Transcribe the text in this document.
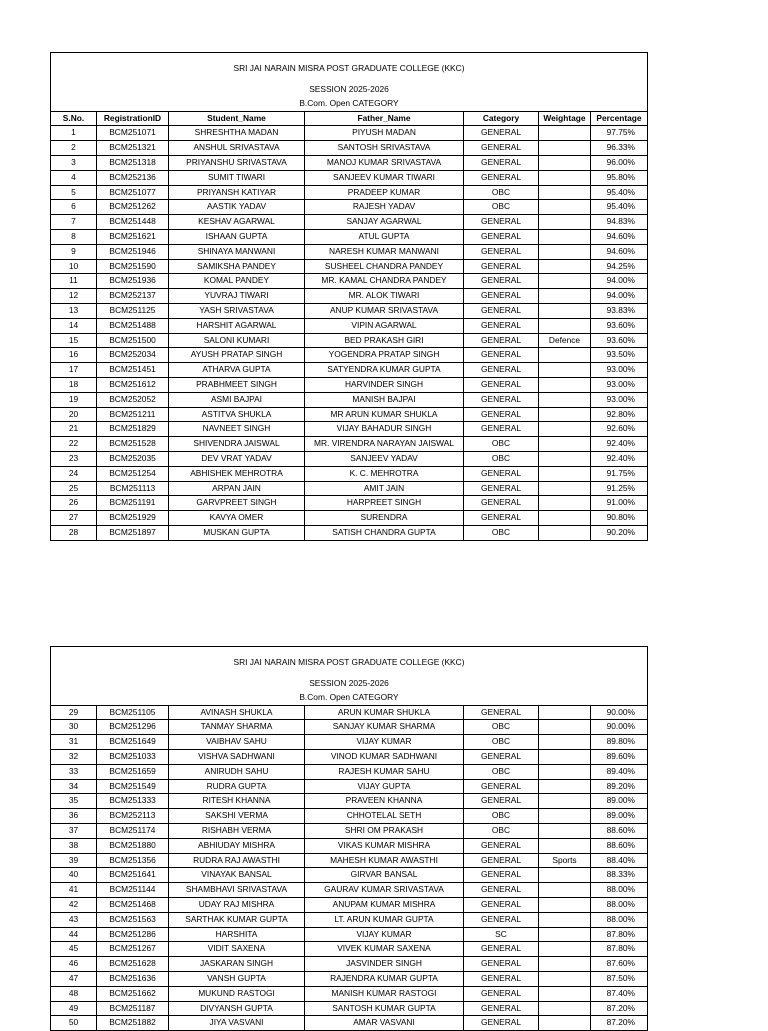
SRI JAI NARAIN MISRA POST GRADUATE COLLEGE (KKC)						
SESSION 2025-2026						
B.Com. Open CATEGORY						
S.No.	RegistrationID	Student_Name	Father_Name	Category	Weightage	Percentage
1	BCM251071	SHRESHTHA MADAN	PIYUSH MADAN	GENERAL		97.75%
2	BCM251321	ANSHUL SRIVASTAVA	SANTOSH SRIVASTAVA	GENERAL		96.33%
3	BCM251318	PRIYANSHU SRIVASTAVA	MANOJ KUMAR SRIVASTAVA	GENERAL		96.00%
4	BCM252136	SUMIT TIWARI	SANJEEV KUMAR TIWARI	GENERAL		95.80%
5	BCM251077	PRIYANSH KATIYAR	PRADEEP KUMAR	OBC		95.40%
6	BCM251262	AASTIK YADAV	RAJESH YADAV	OBC		95.40%
7	BCM251448	KESHAV AGARWAL	SANJAY AGARWAL	GENERAL		94.83%
8	BCM251621	ISHAAN GUPTA	ATUL GUPTA	GENERAL		94.60%
9	BCM251946	SHINAYA MANWANI	NARESH KUMAR MANWANI	GENERAL		94.60%
10	BCM251590	SAMIKSHA PANDEY	SUSHEEL CHANDRA PANDEY	GENERAL		94.25%
11	BCM251936	KOMAL PANDEY	MR. KAMAL CHANDRA PANDEY	GENERAL		94.00%
12	BCM252137	YUVRAJ TIWARI	MR. ALOK TIWARI	GENERAL		94.00%
13	BCM251125	YASH SRIVASTAVA	ANUP KUMAR SRIVASTAVA	GENERAL		93.83%
14	BCM251488	HARSHIT AGARWAL	VIPIN AGARWAL	GENERAL		93.60%
15	BCM251500	SALONI KUMARI	BED PRAKASH GIRI	GENERAL	Defence	93.60%
16	BCM252034	AYUSH PRATAP SINGH	YOGENDRA PRATAP SINGH	GENERAL		93.50%
17	BCM251451	ATHARVA GUPTA	SATYENDRA KUMAR GUPTA	GENERAL		93.00%
18	BCM251612	PRABHMEET SINGH	HARVINDER SINGH	GENERAL		93.00%
19	BCM252052	ASMI BAJPAI	MANISH BAJPAI	GENERAL		93.00%
20	BCM251211	ASTITVA SHUKLA	MR ARUN KUMAR SHUKLA	GENERAL		92.80%
21	BCM251829	NAVNEET SINGH	VIJAY BAHADUR SINGH	GENERAL		92.60%
22	BCM251528	SHIVENDRA JAISWAL	MR. VIRENDRA NARAYAN JAISWAL	OBC		92.40%
23	BCM252035	DEV VRAT YADAV	SANJEEV YADAV	OBC		92.40%
24	BCM251254	ABHISHEK MEHROTRA	K. C. MEHROTRA	GENERAL		91.75%
25	BCM251113	ARPAN JAIN	AMIT JAIN	GENERAL		91.25%
26	BCM251191	GARVPREET SINGH	HARPREET SINGH	GENERAL		91.00%
27	BCM251929	KAVYA OMER	SURENDRA	GENERAL		90.80%
28	BCM251897	MUSKAN GUPTA	SATISH CHANDRA GUPTA	OBC		90.20%
SRI JAI NARAIN MISRA POST GRADUATE COLLEGE (KKC)						
SESSION 2025-2026						
B.Com. Open CATEGORY						
29	BCM251105	AVINASH SHUKLA	ARUN KUMAR SHUKLA	GENERAL		90.00%
30	BCM251296	TANMAY SHARMA	SANJAY KUMAR SHARMA	OBC		90.00%
31	BCM251649	VAIBHAV SAHU	VIJAY KUMAR	OBC		89.80%
32	BCM251033	VISHVA SADHWANI	VINOD KUMAR SADHWANI	GENERAL		89.60%
33	BCM251659	ANIRUDH SAHU	RAJESH KUMAR SAHU	OBC		89.40%
34	BCM251549	RUDRA GUPTA	VIJAY GUPTA	GENERAL		89.20%
35	BCM251333	RITESH KHANNA	PRAVEEN KHANNA	GENERAL		89.00%
36	BCM252113	SAKSHI VERMA	CHHOTELAL SETH	OBC		89.00%
37	BCM251174	RISHABH VERMA	SHRI OM PRAKASH	OBC		88.60%
38	BCM251880	ABHIUDAY MISHRA	VIKAS KUMAR MISHRA	GENERAL		88.60%
39	BCM251356	RUDRA RAJ AWASTHI	MAHESH KUMAR AWASTHI	GENERAL	Sports	88.40%
40	BCM251641	VINAYAK BANSAL	GIRVAR BANSAL	GENERAL		88.33%
41	BCM251144	SHAMBHAVI SRIVASTAVA	GAURAV KUMAR SRIVASTAVA	GENERAL		88.00%
42	BCM251468	UDAY RAJ MISHRA	ANUPAM KUMAR MISHRA	GENERAL		88.00%
43	BCM251563	SARTHAK KUMAR GUPTA	LT. ARUN KUMAR GUPTA	GENERAL		88.00%
44	BCM251286	HARSHITA	VIJAY KUMAR	SC		87.80%
45	BCM251267	VIDIT SAXENA	VIVEK KUMAR SAXENA	GENERAL		87.80%
46	BCM251628	JASKARAN SINGH	JASVINDER SINGH	GENERAL		87.60%
47	BCM251636	VANSH GUPTA	RAJENDRA KUMAR GUPTA	GENERAL		87.50%
48	BCM251662	MUKUND RASTOGI	MANISH KUMAR RASTOGI	GENERAL		87.40%
49	BCM251187	DIVYANSH GUPTA	SANTOSH KUMAR GUPTA	GENERAL		87.20%
50	BCM251882	JIYA VASVANI	AMAR VASVANI	GENERAL		87.20%
